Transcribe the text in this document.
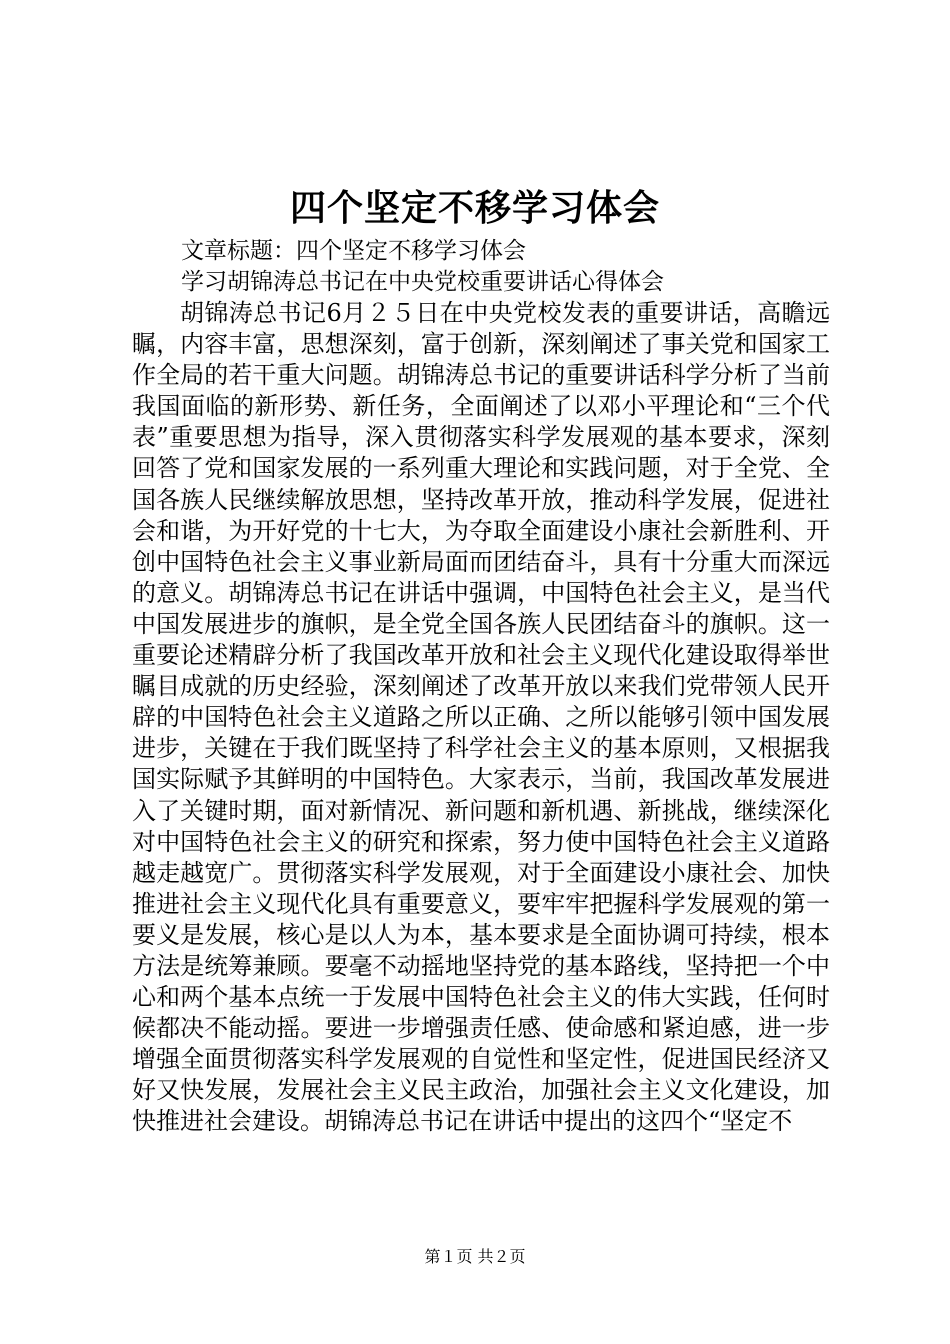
四个坚定不移学习体会
文章标题：四个坚定不移学习体会
学习胡锦涛总书记在中央党校重要讲话心得体会

胡锦涛总书记6月２５日在中央党校发表的重要讲话，高瞻远瞩，内容丰富，思想深刻，富于创新，深刻阐述了事关党和国家工作全局的若干重大问题。胡锦涛总书记的重要讲话科学分析了当前我国面临的新形势、新任务，全面阐述了以邓小平理论和“三个代表”重要思想为指导，深入贯彻落实科学发展观的基本要求，深刻回答了党和国家发展的一系列重大理论和实践问题，对于全党、全国各族人民继续解放思想，坚持改革开放，推动科学发展，促进社会和谐，为开好党的十七大，为夺取全面建设小康社会新胜利、开创中国特色社会主义事业新局面而团结奋斗，具有十分重大而深远的意义。胡锦涛总书记在讲话中强调，中国特色社会主义，是当代中国发展进步的旗帜，是全党全国各族人民团结奋斗的旗帜。这一重要论述精辟分析了我国改革开放和社会主义现代化建设取得举世瞩目成就的历史经验，深刻阐述了改革开放以来我们党带领人民开辟的中国特色社会主义道路之所以正确、之所以能够引领中国发展进步，关键在于我们既坚持了科学社会主义的基本原则，又根据我国实际赋予其鲜明的中国特色。大家表示，当前，我国改革发展进入了关键时期，面对新情况、新问题和新机遇、新挑战，继续深化对中国特色社会主义的研究和探索，努力使中国特色社会主义道路越走越宽广。贯彻落实科学发展观，对于全面建设小康社会、加快推进社会主义现代化具有重要意义，要牢牢把握科学发展观的第一要义是发展，核心是以人为本，基本要求是全面协调可持续，根本方法是统筹兼顾。要毫不动摇地坚持党的基本路线，坚持把一个中心和两个基本点统一于发展中国特色社会主义的伟大实践，任何时候都决不能动摇。要进一步增强责任感、使命感和紧迫感，进一步增强全面贯彻落实科学发展观的自觉性和坚定性，促进国民经济又好又快发展，发展社会主义民主政治，加强社会主义文化建设，加快推进社会建设。胡锦涛总书记在讲话中提出的这四个“坚定不

第１页 共２页
